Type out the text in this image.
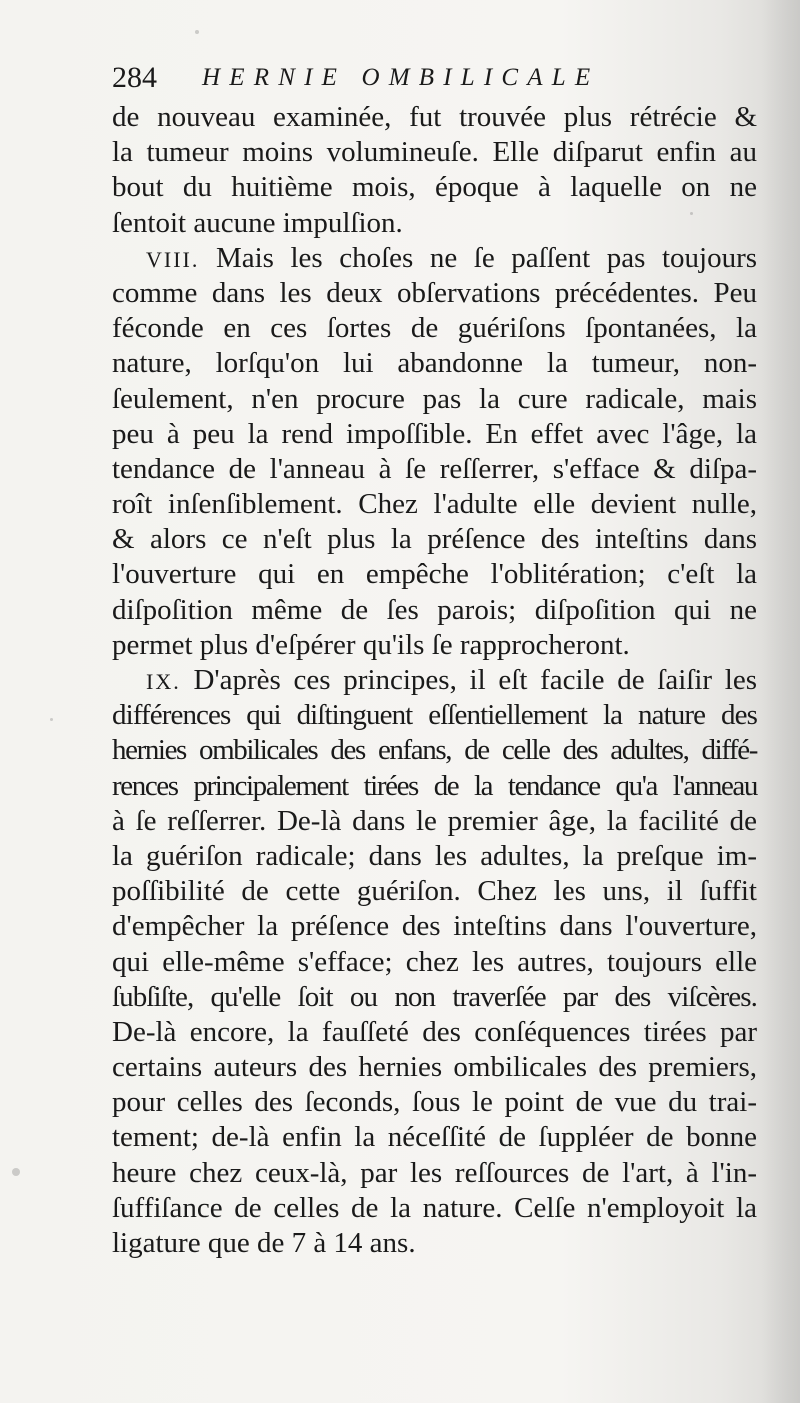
284 HERNIE OMBILICALE
de nouveau examinée, fut trouvée plus rétrécie &
la tumeur moins volumineuſe. Elle diſparut enfin au
bout du huitième mois, époque à laquelle on ne
ſentoit aucune impulſion.
VIII. Mais les choſes ne ſe paſſent pas toujours
comme dans les deux obſervations précédentes. Peu
féconde en ces ſortes de guériſons ſpontanées, la
nature, lorſqu'on lui abandonne la tumeur, non-
ſeulement, n'en procure pas la cure radicale, mais
peu à peu la rend impoſſible. En effet avec l'âge, la
tendance de l'anneau à ſe reſſerrer, s'efface & diſpa-
roît inſenſiblement. Chez l'adulte elle devient nulle,
& alors ce n'eſt plus la préſence des inteſtins dans
l'ouverture qui en empêche l'oblitération; c'eſt la
diſpoſition même de ſes parois; diſpoſition qui ne
permet plus d'eſpérer qu'ils ſe rapprocheront.
IX. D'après ces principes, il eſt facile de ſaiſir les
différences qui diſtinguent eſſentiellement la nature des
hernies ombilicales des enfans, de celle des adultes, diffé-
rences principalement tirées de la tendance qu'a l'anneau
à ſe reſſerrer. De-là dans le premier âge, la facilité de
la guériſon radicale; dans les adultes, la preſque im-
poſſibilité de cette guériſon. Chez les uns, il ſuffit
d'empêcher la préſence des inteſtins dans l'ouverture,
qui elle-même s'efface; chez les autres, toujours elle
ſubſiſte, qu'elle ſoit ou non traverſée par des viſcères.
De-là encore, la fauſſeté des conſéquences tirées par
certains auteurs des hernies ombilicales des premiers,
pour celles des ſeconds, ſous le point de vue du trai-
tement; de-là enfin la néceſſité de ſuppléer de bonne
heure chez ceux-là, par les reſſources de l'art, à l'in-
ſuffiſance de celles de la nature. Celſe n'employoit la
ligature que de 7 à 14 ans.
